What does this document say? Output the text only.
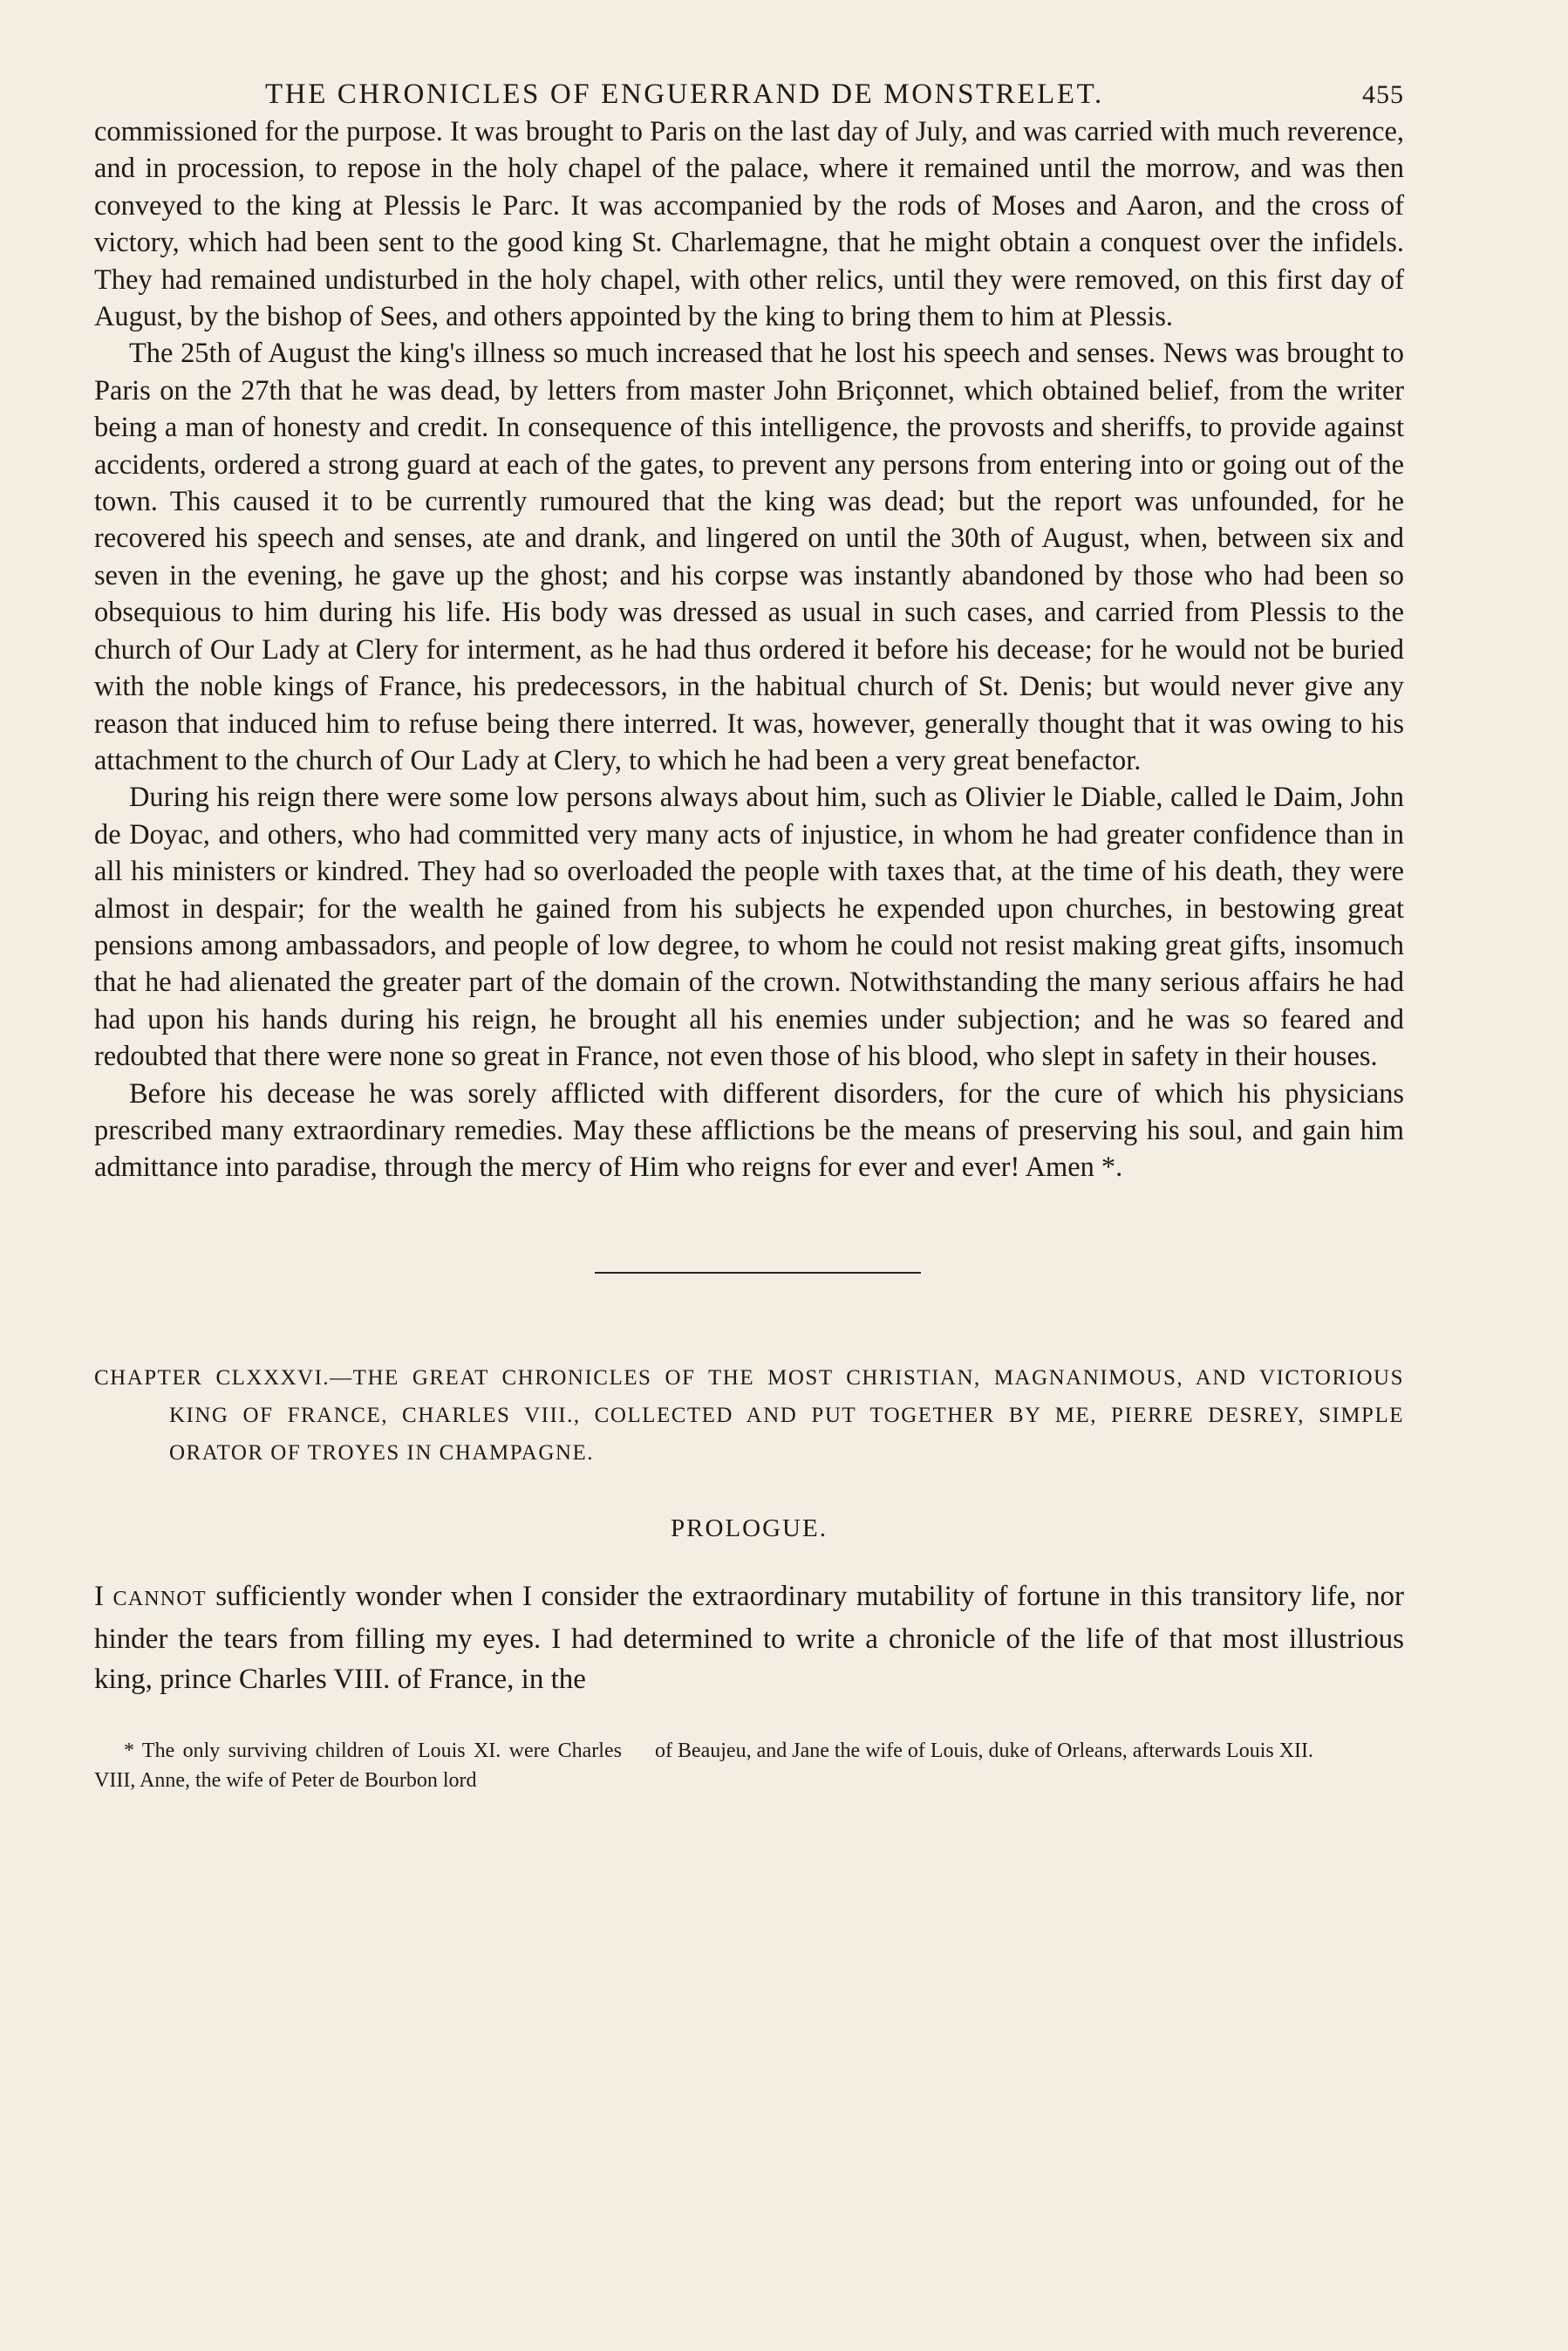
THE CHRONICLES OF ENGUERRAND DE MONSTRELET.	455

commissioned for the purpose. It was brought to Paris on the last day of July, and was carried with much reverence, and in procession, to repose in the holy chapel of the palace, where it remained until the morrow, and was then conveyed to the king at Plessis le Parc. It was accompanied by the rods of Moses and Aaron, and the cross of victory, which had been sent to the good king St. Charlemagne, that he might obtain a conquest over the infidels. They had remained undisturbed in the holy chapel, with other relics, until they were removed, on this first day of August, by the bishop of Sees, and others appointed by the king to bring them to him at Plessis.

The 25th of August the king's illness so much increased that he lost his speech and senses. News was brought to Paris on the 27th that he was dead, by letters from master John Briçonnet, which obtained belief, from the writer being a man of honesty and credit. In consequence of this intelligence, the provosts and sheriffs, to provide against accidents, ordered a strong guard at each of the gates, to prevent any persons from entering into or going out of the town. This caused it to be currently rumoured that the king was dead; but the report was unfounded, for he recovered his speech and senses, ate and drank, and lingered on until the 30th of August, when, between six and seven in the evening, he gave up the ghost; and his corpse was instantly abandoned by those who had been so obsequious to him during his life. His body was dressed as usual in such cases, and carried from Plessis to the church of Our Lady at Clery for interment, as he had thus ordered it before his decease; for he would not be buried with the noble kings of France, his predecessors, in the habitual church of St. Denis; but would never give any reason that induced him to refuse being there interred. It was, however, generally thought that it was owing to his attachment to the church of Our Lady at Clery, to which he had been a very great benefactor.

During his reign there were some low persons always about him, such as Olivier le Diable, called le Daim, John de Doyac, and others, who had committed very many acts of injustice, in whom he had greater confidence than in all his ministers or kindred. They had so overloaded the people with taxes that, at the time of his death, they were almost in despair; for the wealth he gained from his subjects he expended upon churches, in bestowing great pensions among ambassadors, and people of low degree, to whom he could not resist making great gifts, insomuch that he had alienated the greater part of the domain of the crown. Notwithstanding the many serious affairs he had had upon his hands during his reign, he brought all his enemies under subjection; and he was so feared and redoubted that there were none so great in France, not even those of his blood, who slept in safety in their houses.

Before his decease he was sorely afflicted with different disorders, for the cure of which his physicians prescribed many extraordinary remedies. May these afflictions be the means of preserving his soul, and gain him admittance into paradise, through the mercy of Him who reigns for ever and ever! Amen *.

CHAPTER CLXXXVI.—THE GREAT CHRONICLES OF THE MOST CHRISTIAN, MAGNANIMOUS, AND VICTORIOUS KING OF FRANCE, CHARLES VIII., COLLECTED AND PUT TOGETHER BY ME, PIERRE DESREY, SIMPLE ORATOR OF TROYES IN CHAMPAGNE.

PROLOGUE.

I CANNOT sufficiently wonder when I consider the extraordinary mutability of fortune in this transitory life, nor hinder the tears from filling my eyes. I had determined to write a chronicle of the life of that most illustrious king, prince Charles VIII. of France, in the

* The only surviving children of Louis XI. were Charles VIII, Anne, the wife of Peter de Bourbon lord
of Beaujeu, and Jane the wife of Louis, duke of Orleans, afterwards Louis XII.
